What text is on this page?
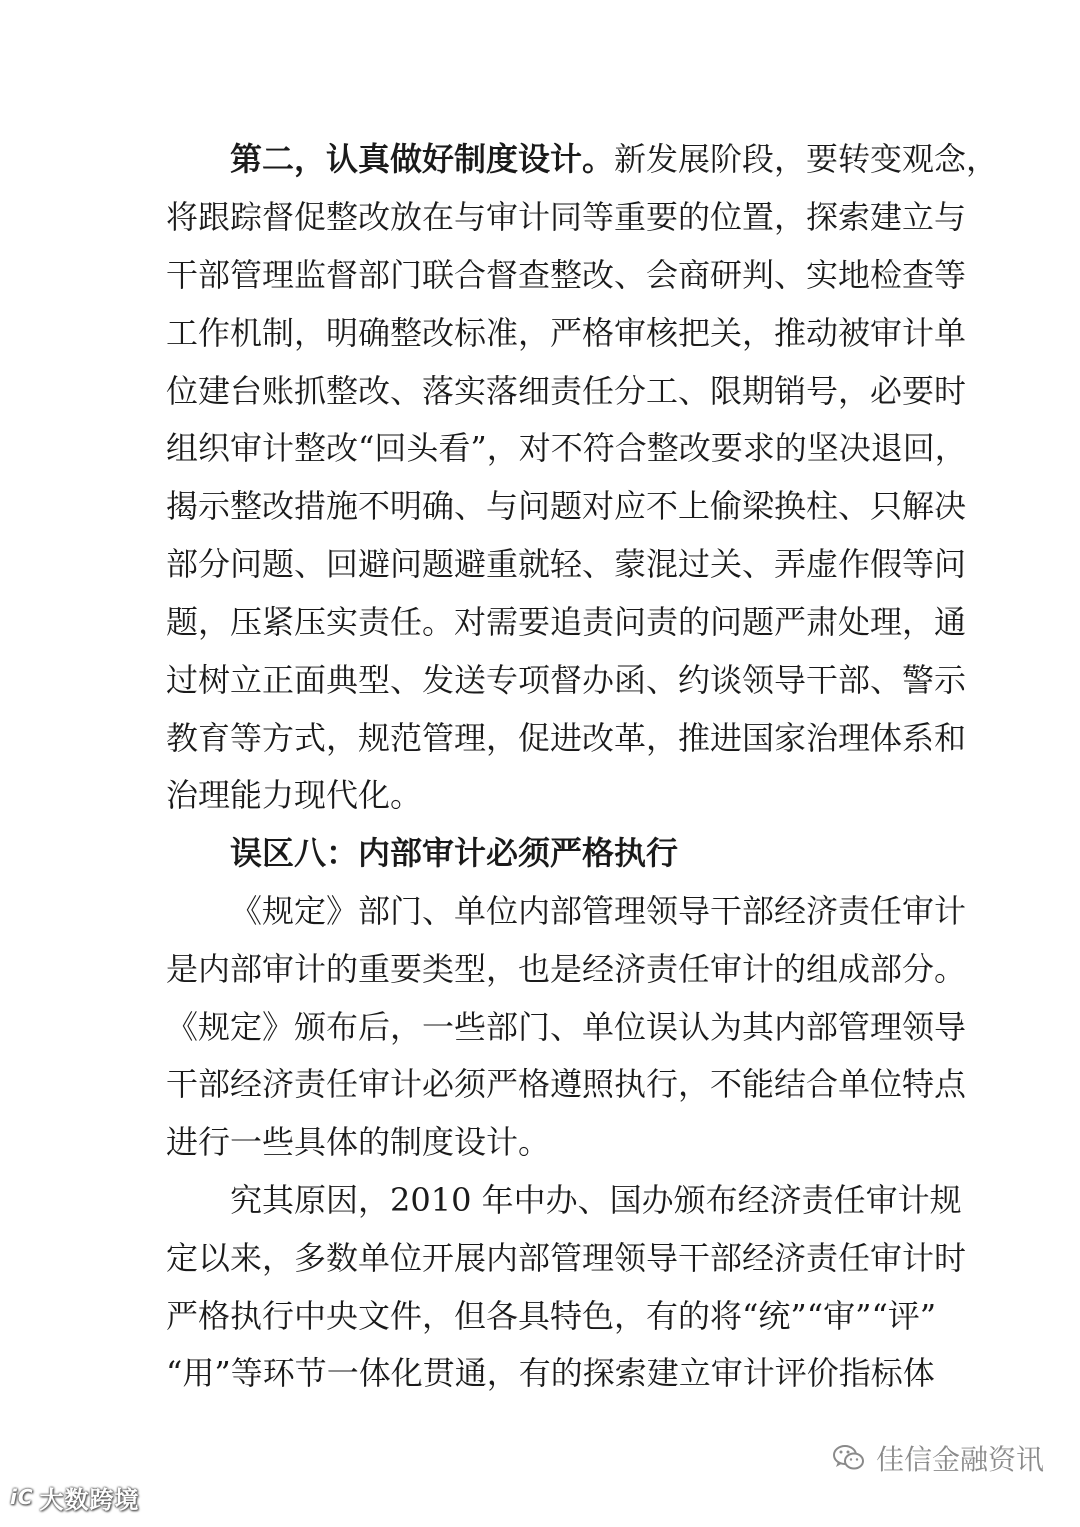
第二，认真做好制度设计。新发展阶段，要转变观念，
将跟踪督促整改放在与审计同等重要的位置，探索建立与
干部管理监督部门联合督查整改、会商研判、实地检查等
工作机制，明确整改标准，严格审核把关，推动被审计单
位建台账抓整改、落实落细责任分工、限期销号，必要时
组织审计整改“回头看”，对不符合整改要求的坚决退回，
揭示整改措施不明确、与问题对应不上偷梁换柱、只解决
部分问题、回避问题避重就轻、蒙混过关、弄虚作假等问
题，压紧压实责任。对需要追责问责的问题严肃处理，通
过树立正面典型、发送专项督办函、约谈领导干部、警示
教育等方式，规范管理，促进改革，推进国家治理体系和
治理能力现代化。
误区八：内部审计必须严格执行
《规定》部门、单位内部管理领导干部经济责任审计
是内部审计的重要类型，也是经济责任审计的组成部分。
《规定》颁布后，一些部门、单位误认为其内部管理领导
干部经济责任审计必须严格遵照执行，不能结合单位特点
进行一些具体的制度设计。
究其原因，2010 年中办、国办颁布经济责任审计规
定以来，多数单位开展内部管理领导干部经济责任审计时
严格执行中央文件，但各具特色，有的将“统”“审”“评”
“用”等环节一体化贯通，有的探索建立审计评价指标体
佳信金融资讯
iC 大数跨境
